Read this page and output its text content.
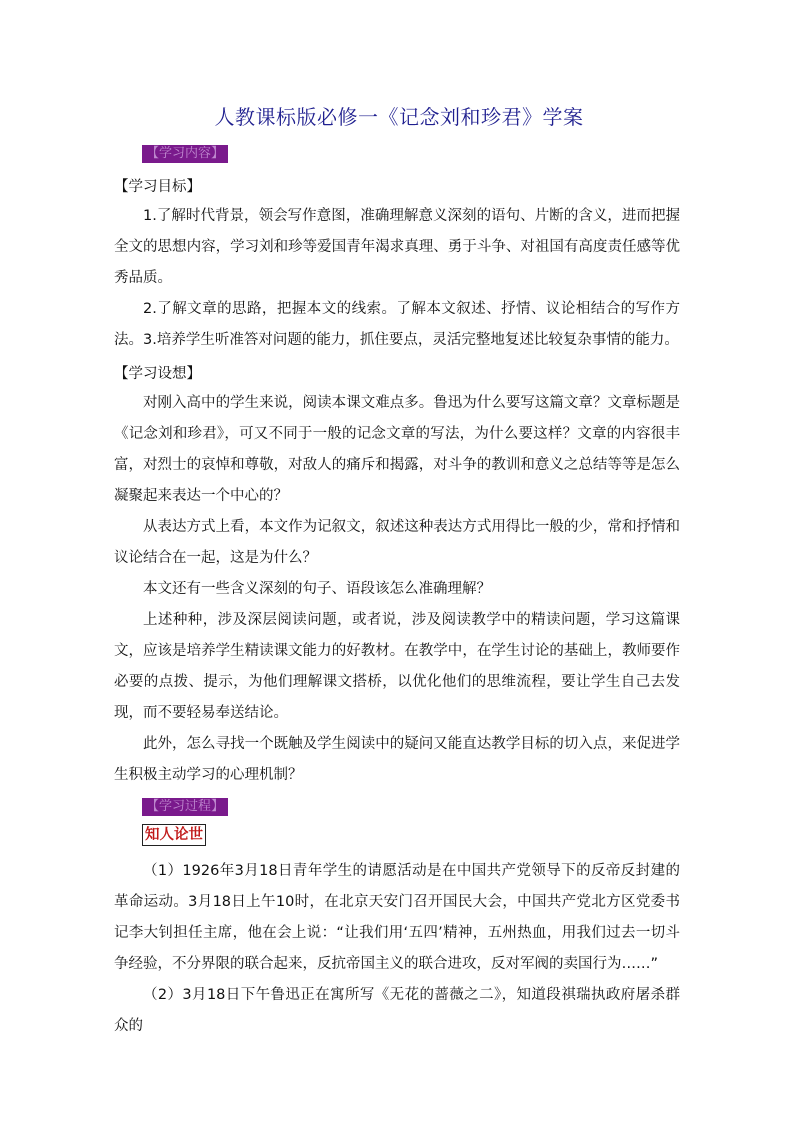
人教课标版必修一《记念刘和珍君》学案
【学习内容】
【学习目标】
1.了解时代背景，领会写作意图，准确理解意义深刻的语句、片断的含义，进而把握全文的思想内容，学习刘和珍等爱国青年渴求真理、勇于斗争、对祖国有高度责任感等优秀品质。
2.了解文章的思路，把握本文的线索。了解本文叙述、抒情、议论相结合的写作方法。 3.培养学生听准答对问题的能力，抓住要点，灵活完整地复述比较复杂事情的能力。
【学习设想】
对刚入高中的学生来说，阅读本课文难点多。鲁迅为什么要写这篇文章？文章标题是《记念刘和珍君》，可又不同于一般的记念文章的写法，为什么要这样？文章的内容很丰富，对烈士的哀悼和尊敬，对敌人的痛斥和揭露，对斗争的教训和意义之总结等等是怎么凝聚起来表达一个中心的？
从表达方式上看，本文作为记叙文，叙述这种表达方式用得比一般的少，常和抒情和议论结合在一起，这是为什么？
本文还有一些含义深刻的句子、语段该怎么准确理解？
上述种种，涉及深层阅读问题，或者说，涉及阅读教学中的精读问题，学习这篇课文，应该是培养学生精读课文能力的好教材。在教学中，在学生讨论的基础上，教师要作必要的点拨、提示，为他们理解课文搭桥，以优化他们的思维流程，要让学生自己去发现，而不要轻易奉送结论。
此外，怎么寻找一个既触及学生阅读中的疑问又能直达教学目标的切入点，来促进学生积极主动学习的心理机制？
【学习过程】
知人论世
（1）1926年3月18日青年学生的请愿活动是在中国共产党领导下的反帝反封建的革命运动。3月18日上午10时，在北京天安门召开国民大会，中国共产党北方区党委书记李大钊担任主席，他在会上说：“让我们用‘五四’精神，五州热血，用我们过去一切斗争经验，不分界限的联合起来，反抗帝国主义的联合进攻，反对军阀的卖国行为……”
（2）3月18日下午鲁迅正在寓所写《无花的蔷薇之二》，知道段祺瑞执政府屠杀群众的
